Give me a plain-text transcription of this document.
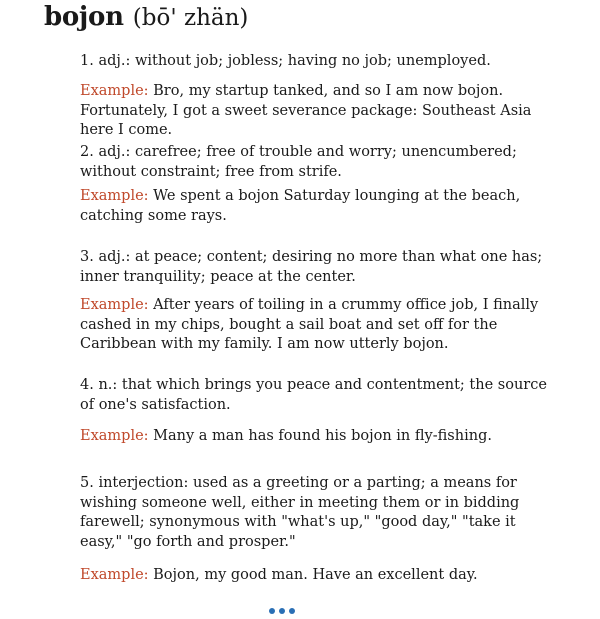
bojon (bō' zhän)
1. adj.: without job; jobless; having no job; unemployed.
Example: Bro, my startup tanked, and so I am now bojon. Fortunately, I got a sweet severance package: Southeast Asia here I come.
2. adj.: carefree; free of trouble and worry; unencumbered; without constraint; free from strife.
Example: We spent a bojon Saturday lounging at the beach, catching some rays.
3. adj.: at peace; content; desiring no more than what one has; inner tranquility; peace at the center.
Example: After years of toiling in a crummy office job, I finally cashed in my chips, bought a sail boat and set off for the Caribbean with my family. I am now utterly bojon.
4. n.: that which brings you peace and contentment; the source of one's satisfaction.
Example: Many a man has found his bojon in fly-fishing.
5. interjection: used as a greeting or a parting; a means for wishing someone well, either in meeting them or in bidding farewell; synonymous with "what's up," "good day," "take it easy," "go forth and prosper."
Example: Bojon, my good man. Have an excellent day.
